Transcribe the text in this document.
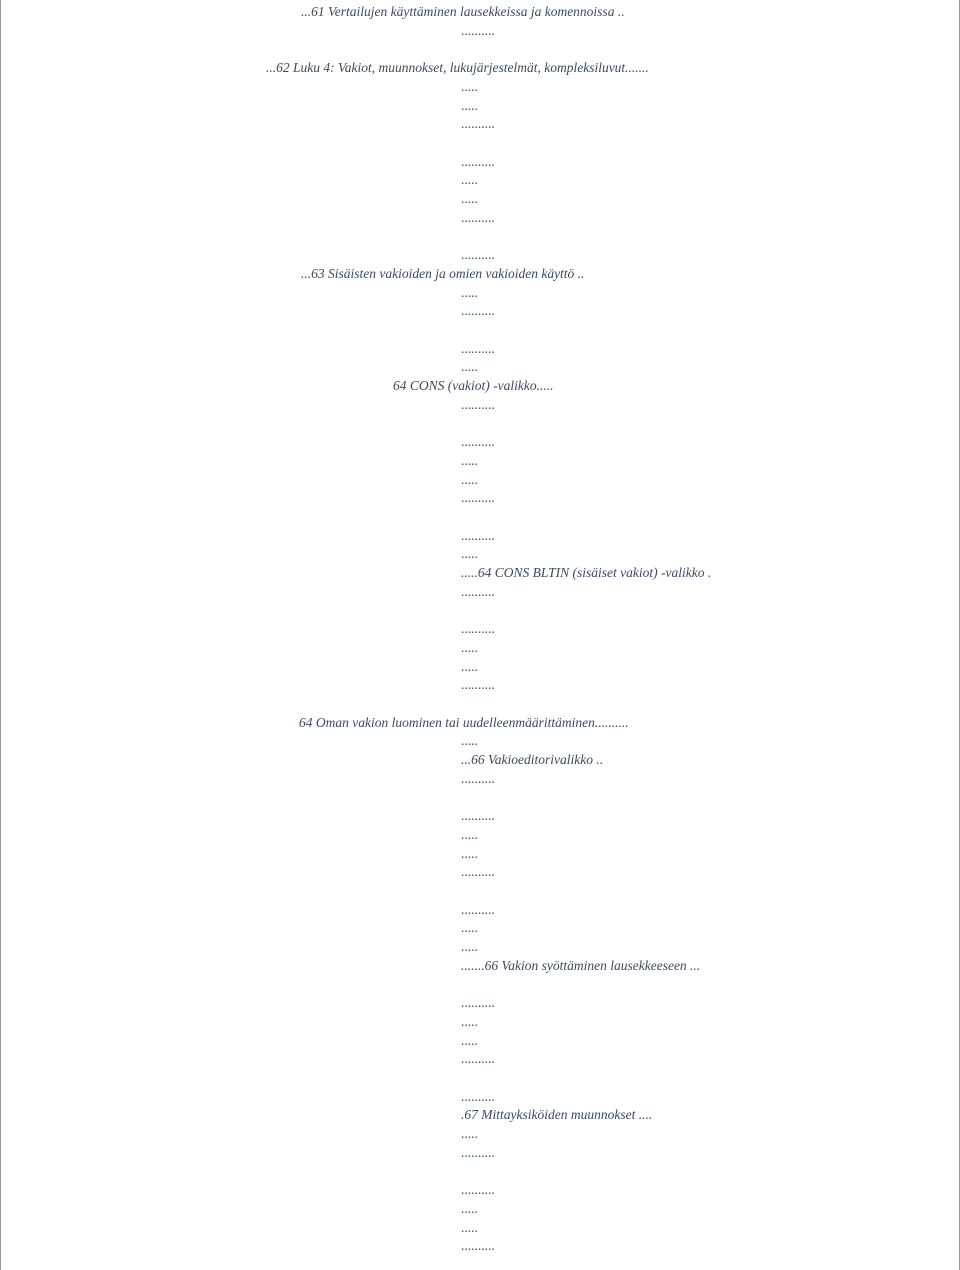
...61 Vertailujen käyttäminen lausekkeissa ja komennoissa ..
..........
...62 Luku 4: Vakiot, muunnokset, lukujärjestelmät, kompleksiluvut.......
.....
.....
..........
..........
.....
.....
..........
..........
...63 Sisäisten vakioiden ja omien vakioiden käyttö ..
.....
..........
..........
.....
64 CONS (vakiot) -valikko.....
..........
..........
.....
.....
..........
..........
.....
.....64 CONS BLTIN (sisäiset vakiot) -valikko .
..........
..........
.....
.....
..........
64 Oman vakion luominen tai uudelleenmäärittäminen..........
.....
...66 Vakioeditorivalikko ..
..........
..........
.....
.....
..........
..........
.....
.....
.......66 Vakion syöttäminen lausekkeeseen ...
..........
.....
.....
..........
..........
.67 Mittayksiköiden muunnokset ....
.....
..........
..........
.....
.....
..........
